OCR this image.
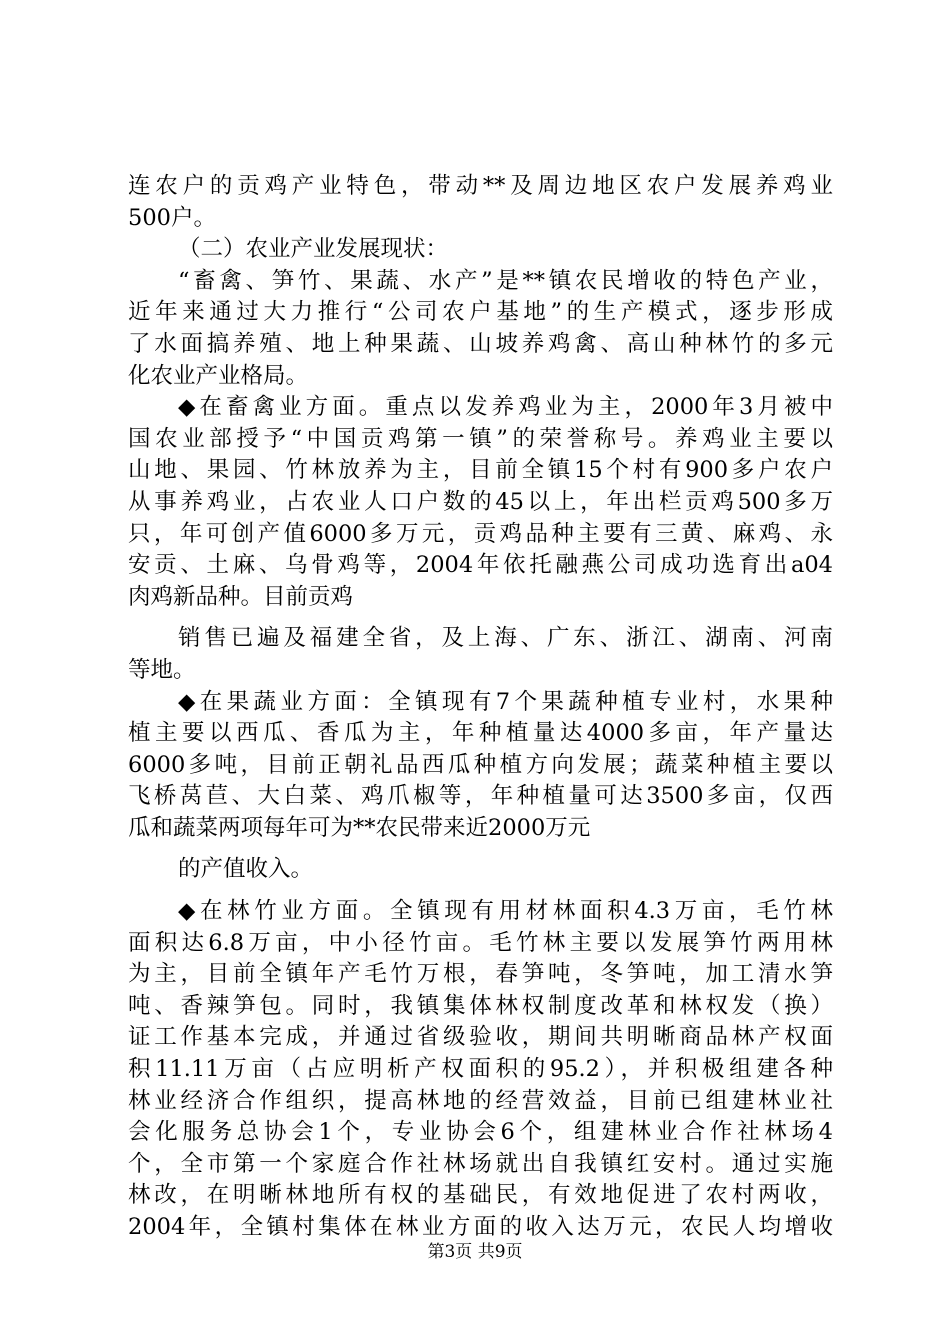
连农户的贡鸡产业特色，带动**及周边地区农户发展养鸡业
500户。
（二）农业产业发展现状：
“畜禽、笋竹、果蔬、水产”是**镇农民增收的特色产业，
近年来通过大力推行“公司农户基地”的生产模式，逐步形成
了水面搞养殖、地上种果蔬、山坡养鸡禽、高山种林竹的多元
化农业产业格局。
◆在畜禽业方面。重点以发养鸡业为主，2000年3月被中
国农业部授予“中国贡鸡第一镇”的荣誉称号。养鸡业主要以
山地、果园、竹林放养为主，目前全镇15个村有900多户农户
从事养鸡业，占农业人口户数的45以上，年出栏贡鸡500多万
只，年可创产值6000多万元，贡鸡品种主要有三黄、麻鸡、永
安贡、土麻、乌骨鸡等，2004年依托融燕公司成功选育出a04
肉鸡新品种。目前贡鸡
销售已遍及福建全省，及上海、广东、浙江、湖南、河南
等地。
◆在果蔬业方面：全镇现有7个果蔬种植专业村，水果种
植主要以西瓜、香瓜为主，年种植量达4000多亩，年产量达
6000多吨，目前正朝礼品西瓜种植方向发展；蔬菜种植主要以
飞桥莴苣、大白菜、鸡爪椒等，年种植量可达3500多亩，仅西
瓜和蔬菜两项每年可为**农民带来近2000万元
的产值收入。
◆在林竹业方面。全镇现有用材林面积4.3万亩，毛竹林
面积达6.8万亩，中小径竹亩。毛竹林主要以发展笋竹两用林
为主，目前全镇年产毛竹万根，春笋吨，冬笋吨，加工清水笋
吨、香辣笋包。同时，我镇集体林权制度改革和林权发（换）
证工作基本完成，并通过省级验收，期间共明晰商品林产权面
积11.11万亩（占应明析产权面积的95.2），并积极组建各种
林业经济合作组织，提高林地的经营效益，目前已组建林业社
会化服务总协会1个，专业协会6个，组建林业合作社林场4
个，全市第一个家庭合作社林场就出自我镇红安村。通过实施
林改，在明晰林地所有权的基础民，有效地促进了农村两收，
2004年，全镇村集体在林业方面的收入达万元，农民人均增收
第3页 共9页
